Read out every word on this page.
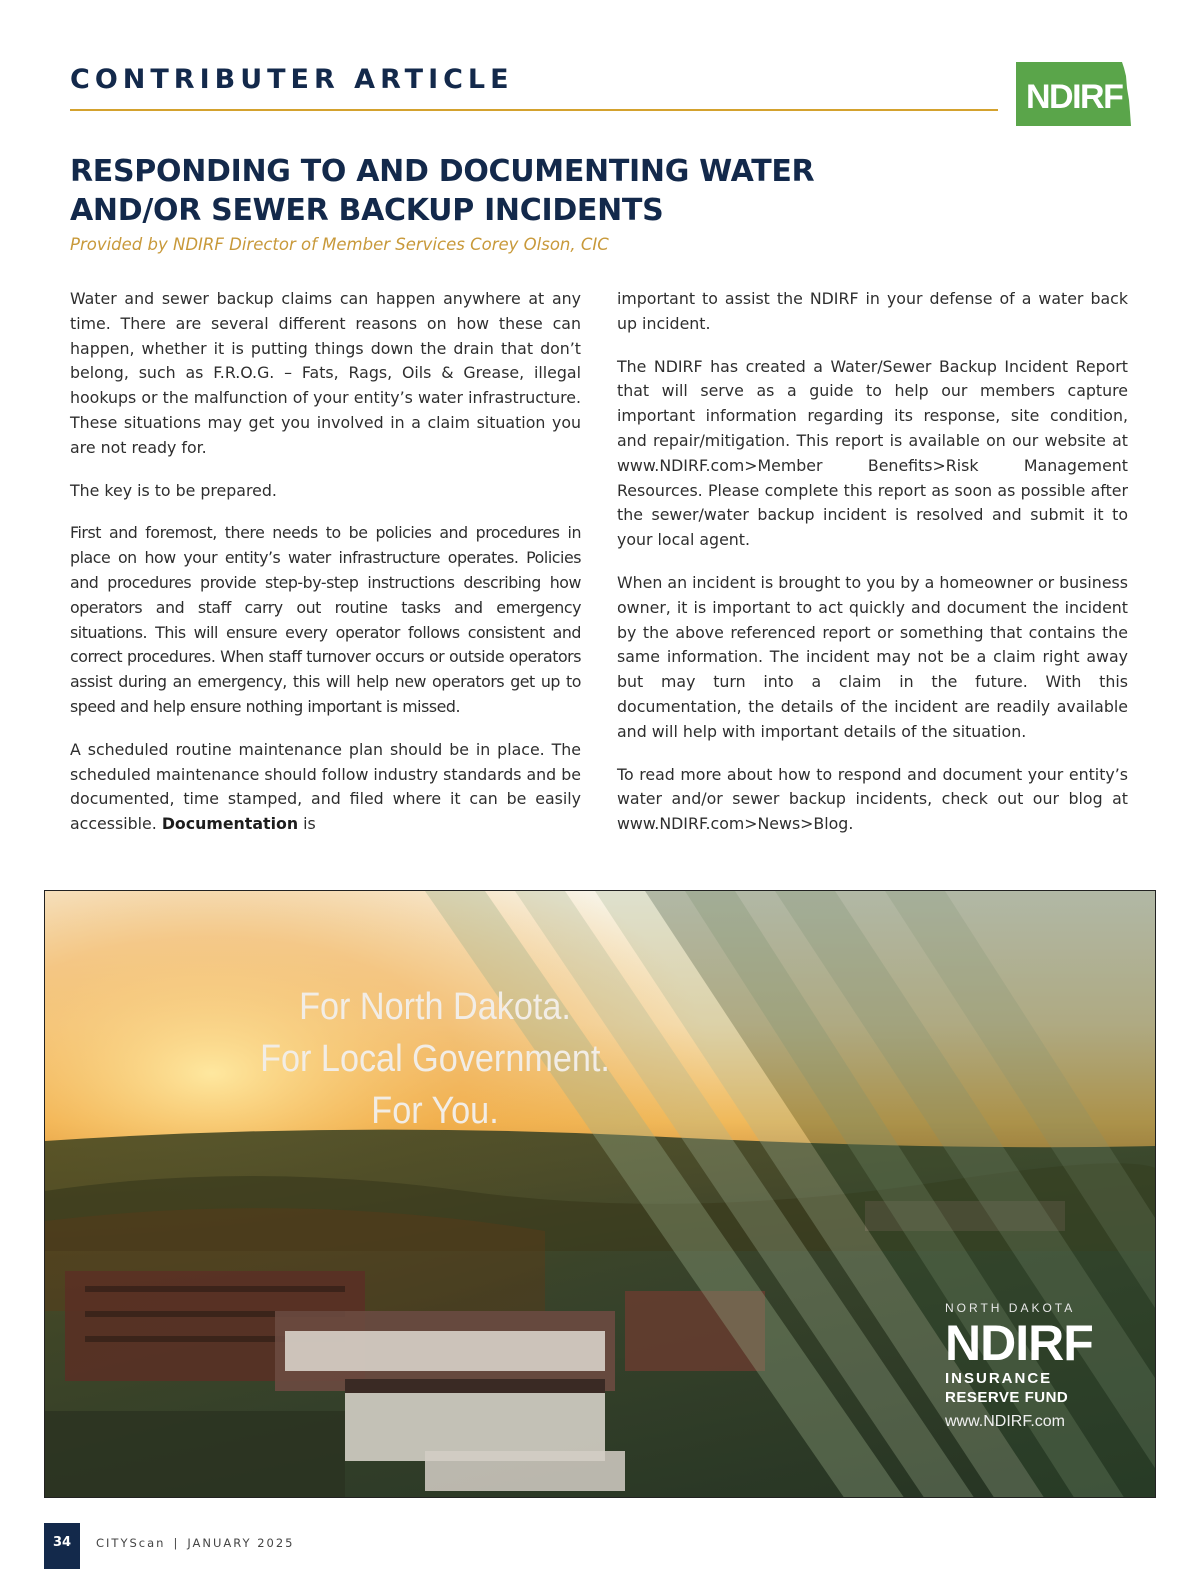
CONTRIBUTER ARTICLE	NDIRF
RESPONDING TO AND DOCUMENTING WATER
AND/OR SEWER BACKUP INCIDENTS
Provided by NDIRF Director of Member Services Corey Olson, CIC

Water and sewer backup claims can happen anywhere at any time. There are several different reasons on how these can happen, whether it is putting things down the drain that don’t belong, such as F.R.O.G. – Fats, Rags, Oils & Grease, illegal hookups or the malfunction of your entity’s water infrastructure. These situations may get you involved in a claim situation you are not ready for.

The key is to be prepared.

First and foremost, there needs to be policies and procedures in place on how your entity’s water infrastructure operates. Policies and procedures provide step-by-step instructions describing how operators and staff carry out routine tasks and emergency situations. This will ensure every operator follows consistent and correct procedures. When staff turnover occurs or outside operators assist during an emergency, this will help new operators get up to speed and help ensure nothing important is missed.

A scheduled routine maintenance plan should be in place. The scheduled maintenance should follow industry standards and be documented, time stamped, and filed where it can be easily accessible. Documentation is

important to assist the NDIRF in your defense of a water back up incident.

The NDIRF has created a Water/Sewer Backup Incident Report that will serve as a guide to help our members capture important information regarding its response, site condition, and repair/mitigation. This report is available on our website at www.NDIRF.com>Member Benefits>Risk Management Resources. Please complete this report as soon as possible after the sewer/water backup incident is resolved and submit it to your local agent.

When an incident is brought to you by a homeowner or business owner, it is important to act quickly and document the incident by the above referenced report or something that contains the same information. The incident may not be a claim right away but may turn into a claim in the future. With this documentation, the details of the incident are readily available and will help with important details of the situation.

To read more about how to respond and document your entity’s water and/or sewer backup incidents, check out our blog at www.NDIRF.com>News>Blog.

For North Dakota.
For Local Government.
For You.
NORTH DAKOTA
NDIRF
INSURANCE
RESERVE FUND
www.NDIRF.com
34	CITYScan | JANUARY 2025
